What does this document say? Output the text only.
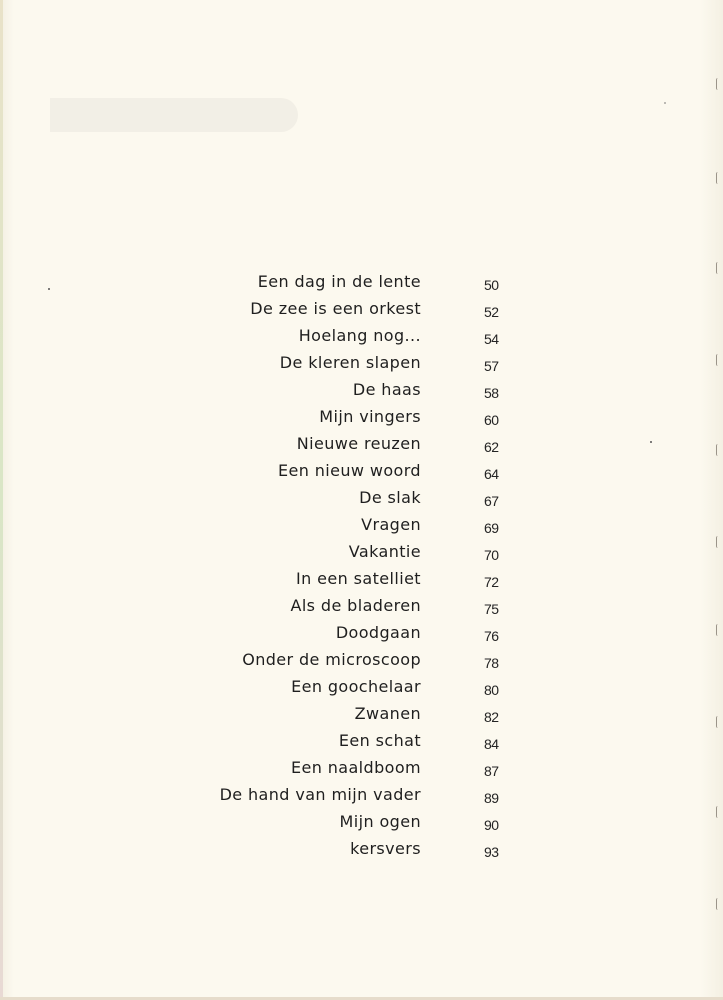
Een dag in de lente	50
De zee is een orkest	52
Hoelang nog...	54
De kleren slapen	57
De haas	58
Mijn vingers	60
Nieuwe reuzen	62
Een nieuw woord	64
De slak	67
Vragen	69
Vakantie	70
In een satelliet	72
Als de bladeren	75
Doodgaan	76
Onder de microscoop	78
Een goochelaar	80
Zwanen	82
Een schat	84
Een naaldboom	87
De hand van mijn vader	89
Mijn ogen	90
kersvers	93
